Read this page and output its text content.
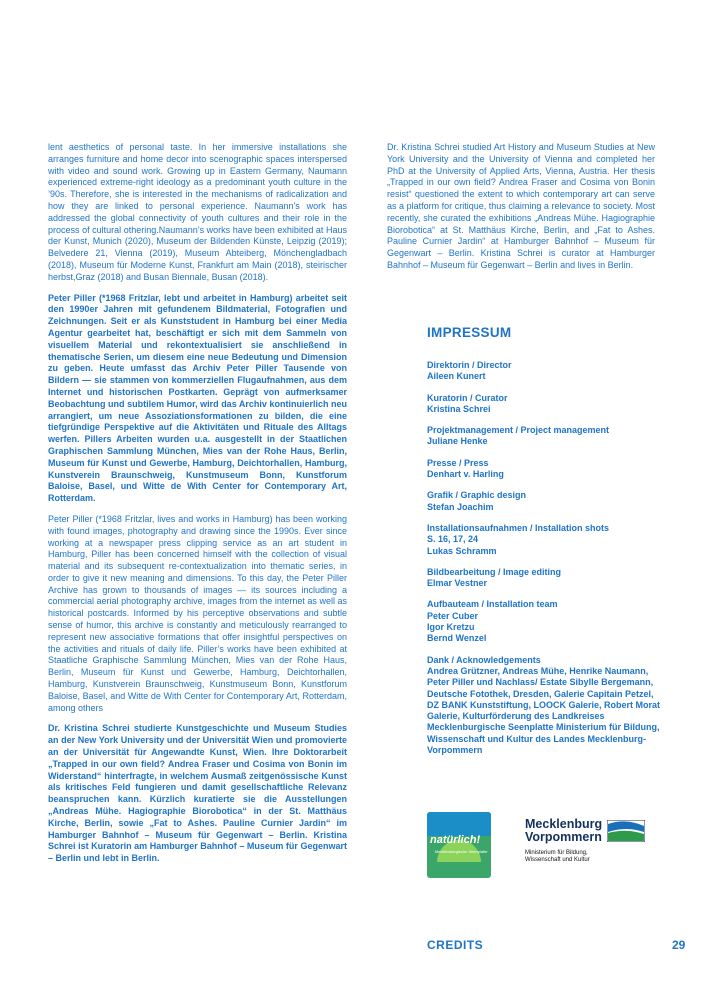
lent aesthetics of personal taste. In her immersive installations she arranges furniture and home decor into scenographic spaces interspersed with video and sound work. Growing up in Eastern Germany, Naumann experienced extreme-right ideology as a predominant youth culture in the ’90s. Therefore, she is interested in the mechanisms of radicalization and how they are linked to personal experience. Naumann’s work has addressed the global connectivity of youth cultures and their role in the process of cultural othering.Naumann’s works have been exhibited at Haus der Kunst, Munich (2020), Museum der Bildenden Künste, Leipzig (2019); Belvedere 21, Vienna (2019), Museum Abteiberg, Mönchengladbach (2018), Museum für Moderne Kunst, Frankfurt am Main (2018), steirischer herbst,Graz (2018) and Busan Biennale, Busan (2018).

Peter Piller (*1968 Fritzlar, lebt und arbeitet in Hamburg) arbeitet seit den 1990er Jahren mit gefundenem Bildmaterial, Fotografien und Zeichnungen. Seit er als Kunststudent in Hamburg bei einer Media Agentur gearbeitet hat, beschäftigt er sich mit dem Sammeln von visuellem Material und rekontextualisiert sie anschließend in thematische Serien, um diesem eine neue Bedeutung und Dimension zu geben. Heute umfasst das Archiv Peter Piller Tausende von Bildern — sie stammen von kommerziellen Flugaufnahmen, aus dem Internet und historischen Postkarten. Geprägt von aufmerksamer Beobachtung und subtilem Humor, wird das Archiv kontinuierlich neu arrangiert, um neue Assoziationsformationen zu bilden, die eine tiefgründige Perspektive auf die Aktivitäten und Rituale des Alltags werfen. Pillers Arbeiten wurden u.a. ausgestellt in der Staatlichen Graphischen Sammlung München, Mies van der Rohe Haus, Berlin, Museum für Kunst und Gewerbe, Hamburg, Deichtorhallen, Hamburg, Kunstverein Braunschweig, Kunstmuseum Bonn, Kunstforum Baloise, Basel, und Witte de With Center for Contemporary Art, Rotterdam.

Peter Piller (*1968 Fritzlar, lives and works in Hamburg) has been working with found images, photography and drawing since the 1990s. Ever since working at a newspaper press clipping service as an art student in Hamburg, Piller has been concerned himself with the collection of visual material and its subsequent re-contextualization into thematic series, in order to give it new meaning and dimensions. To this day, the Peter Piller Archive has grown to thousands of images — its sources including a commercial aerial photography archive, images from the internet as well as historical postcards. Informed by his perceptive observations and subtle sense of humor, this archive is constantly and meticulously rearranged to represent new associative formations that offer insightful perspectives on the activities and rituals of daily life. Piller’s works have been exhibited at Staatliche Graphische Sammlung München, Mies van der Rohe Haus, Berlin, Museum für Kunst und Gewerbe, Hamburg, Deichtorhallen, Hamburg, Kunstverein Braunschweig, Kunstmuseum Bonn, Kunstforum Baloise, Basel, and Witte de With Center for Contemporary Art, Rotterdam, among others

Dr. Kristina Schrei studierte Kunstgeschichte und Museum Studies an der New York University und der Universität Wien und promovierte an der Universität für Angewandte Kunst, Wien. Ihre Doktorarbeit „Trapped in our own field? Andrea Fraser und Cosima von Bonin im Widerstand“ hinterfragte, in welchem Ausmaß zeitgenössische Kunst als kritisches Feld fungieren und damit gesellschaftliche Relevanz beanspruchen kann. Kürzlich kuratierte sie die Ausstellungen „Andreas Mühe. Hagiographie Biorobotica“ in der St. Matthäus Kirche, Berlin, sowie „Fat to Ashes. Pauline Curnier Jardin“ im Hamburger Bahnhof – Museum für Gegenwart – Berlin. Kristina Schrei ist Kuratorin am Hamburger Bahnhof – Museum für Gegenwart – Berlin und lebt in Berlin.

Dr. Kristina Schrei studied Art History and Museum Studies at New York University and the University of Vienna and completed her PhD at the University of Applied Arts, Vienna, Austria. Her thesis „Trapped in our own field? Andrea Fraser and Cosima von Bonin resist“ questioned the extent to which contemporary art can serve as a platform for critique, thus claiming a relevance to society. Most recently, she curated the exhibitions „Andreas Mühe. Hagiographie Biorobotica“ at St. Matthäus Kirche, Berlin, and „Fat to Ashes. Pauline Curnier Jardin“ at Hamburger Bahnhof – Museum für Gegenwart – Berlin. Kristina Schrei is curator at Hamburger Bahnhof – Museum für Gegenwart – Berlin and lives in Berlin.

IMPRESSUM
Direktorin / Director
Aileen Kunert
Kuratorin / Curator
Kristina Schrei
Projektmanagement / Project management
Juliane Henke
Presse / Press
Denhart v. Harling
Grafik / Graphic design
Stefan Joachim
Installationsaufnahmen / Installation shots
S. 16, 17, 24
Lukas Schramm
Bildbearbeitung / Image editing
Elmar Vestner
Aufbauteam / Installation team
Peter Cuber
Igor Kretzu
Bernd Wenzel
Dank / Acknowledgements
Andrea Grützner, Andreas Mühe, Henrike Naumann, Peter Piller und Nachlass/ Estate Sibylle Bergemann, Deutsche Fotothek, Dresden, Galerie Capitain Petzel, DZ BANK Kunststiftung, LOOCK Galerie, Robert Morat Galerie, Kulturförderung des Landkreises Mecklenburgische Seenplatte Ministerium für Bildung, Wissenschaft und Kultur des Landes Mecklenburg-Vorpommern
natürlich!
Mecklenburgische Seenplatte
Mecklenburg
Vorpommern
Ministerium für Bildung,
Wissenschaft und Kultur
CREDITS	29
